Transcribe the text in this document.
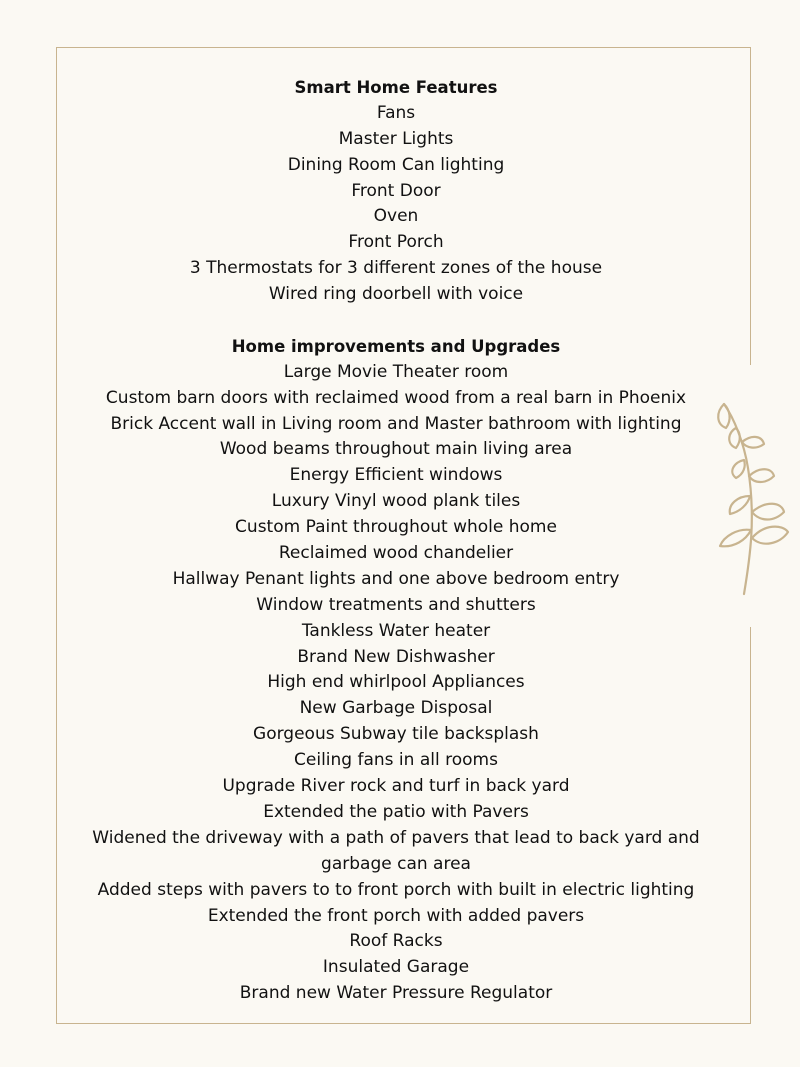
Smart Home Features
Fans
Master Lights
Dining Room Can lighting
Front Door
Oven
Front Porch
3 Thermostats for 3 different zones of the house
Wired ring doorbell with voice
Home improvements and Upgrades
Large Movie Theater room
Custom barn doors with reclaimed wood from a real barn in Phoenix
Brick Accent wall in Living room and Master bathroom with lighting
Wood beams throughout main living area
Energy Efficient windows
Luxury Vinyl wood plank tiles
Custom Paint throughout whole home
Reclaimed wood chandelier
Hallway Penant lights and one above bedroom entry
Window treatments and shutters
Tankless Water heater
Brand New Dishwasher
High end whirlpool Appliances
New Garbage Disposal
Gorgeous Subway tile backsplash
Ceiling fans in all rooms
Upgrade River rock and turf in back yard
Extended the patio with Pavers
Widened the driveway with a path of pavers that lead to back yard and
garbage can area
Added steps with pavers to to front porch with built in electric lighting
Extended the front porch with added pavers
Roof Racks
Insulated Garage
Brand new Water Pressure Regulator
